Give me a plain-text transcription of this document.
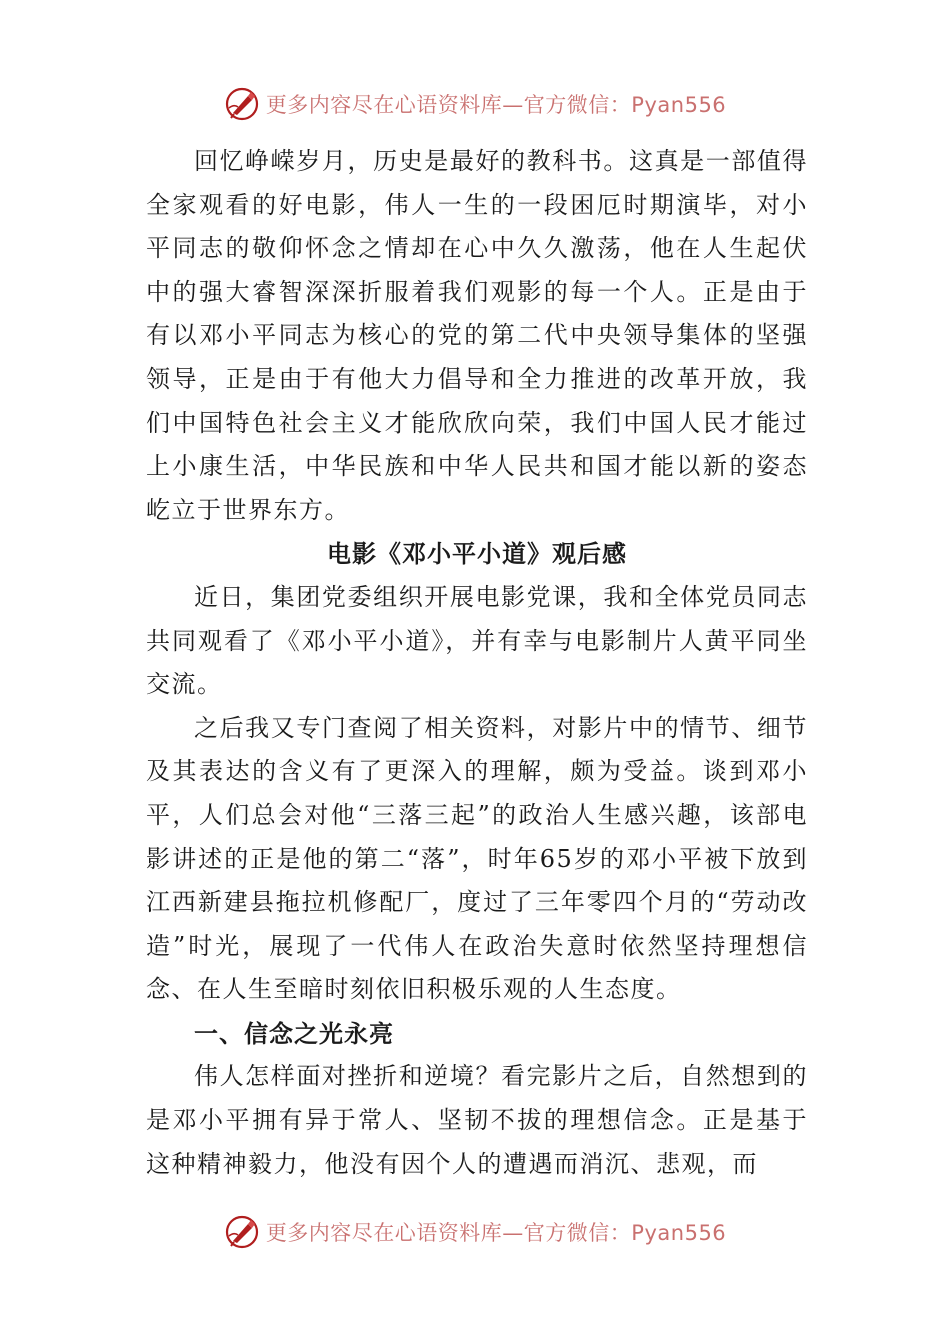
更多内容尽在心语资料库—官方微信：Pyan556

回忆峥嵘岁月，历史是最好的教科书。这真是一部值得全家观看的好电影，伟人一生的一段困厄时期演毕，对小平同志的敬仰怀念之情却在心中久久激荡，他在人生起伏中的强大睿智深深折服着我们观影的每一个人。正是由于有以邓小平同志为核心的党的第二代中央领导集体的坚强领导，正是由于有他大力倡导和全力推进的改革开放，我们中国特色社会主义才能欣欣向荣，我们中国人民才能过上小康生活，中华民族和中华人民共和国才能以新的姿态屹立于世界东方。

电影《邓小平小道》观后感

近日，集团党委组织开展电影党课，我和全体党员同志共同观看了《邓小平小道》，并有幸与电影制片人黄平同坐交流。

之后我又专门查阅了相关资料，对影片中的情节、细节及其表达的含义有了更深入的理解，颇为受益。谈到邓小平，人们总会对他“三落三起”的政治人生感兴趣，该部电影讲述的正是他的第二“落”，时年65岁的邓小平被下放到江西新建县拖拉机修配厂，度过了三年零四个月的“劳动改造”时光，展现了一代伟人在政治失意时依然坚持理想信念、在人生至暗时刻依旧积极乐观的人生态度。

一、信念之光永亮

伟人怎样面对挫折和逆境？看完影片之后，自然想到的是邓小平拥有异于常人、坚韧不拔的理想信念。正是基于这种精神毅力，他没有因个人的遭遇而消沉、悲观，而

更多内容尽在心语资料库—官方微信：Pyan556
